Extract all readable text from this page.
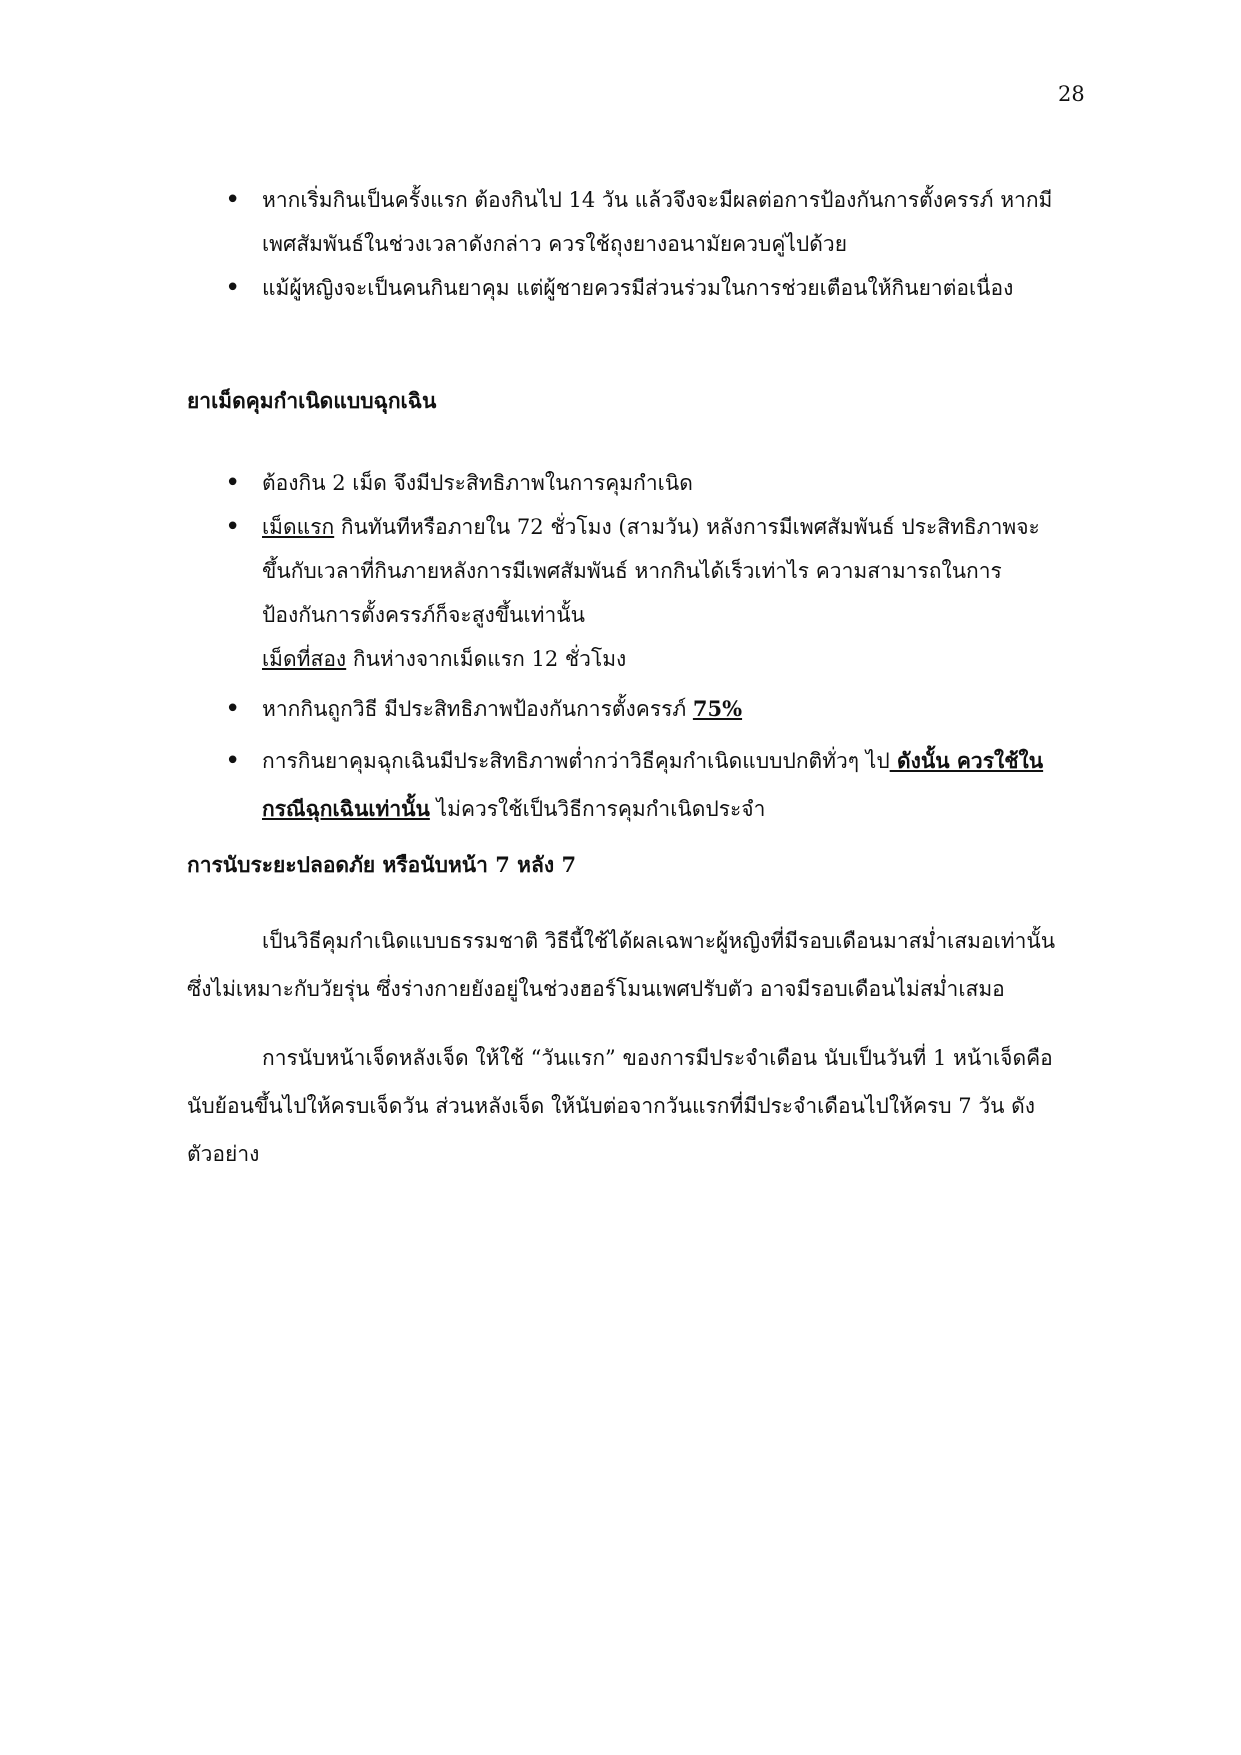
28
• หากเริ่มกินเป็นครั้งแรก ต้องกินไป 14 วัน แล้วจึงจะมีผลต่อการป้องกันการตั้งครรภ์ หากมี
เพศสัมพันธ์ในช่วงเวลาดังกล่าว ควรใช้ถุงยางอนามัยควบคู่ไปด้วย
• แม้ผู้หญิงจะเป็นคนกินยาคุม แต่ผู้ชายควรมีส่วนร่วมในการช่วยเตือนให้กินยาต่อเนื่อง
ยาเม็ดคุมกำเนิดแบบฉุกเฉิน
• ต้องกิน 2 เม็ด จึงมีประสิทธิภาพในการคุมกำเนิด
• เม็ดแรก กินทันทีหรือภายใน 72 ชั่วโมง (สามวัน) หลังการมีเพศสัมพันธ์ ประสิทธิภาพจะ
ขึ้นกับเวลาที่กินภายหลังการมีเพศสัมพันธ์ หากกินได้เร็วเท่าไร ความสามารถในการ
ป้องกันการตั้งครรภ์ก็จะสูงขึ้นเท่านั้น
เม็ดที่สอง กินห่างจากเม็ดแรก 12 ชั่วโมง
• หากกินถูกวิธี มีประสิทธิภาพป้องกันการตั้งครรภ์ 75%
• การกินยาคุมฉุกเฉินมีประสิทธิภาพต่ำกว่าวิธีคุมกำเนิดแบบปกติทั่วๆ ไป ดังนั้น ควรใช้ใน
กรณีฉุกเฉินเท่านั้น ไม่ควรใช้เป็นวิธีการคุมกำเนิดประจำ
การนับระยะปลอดภัย หรือนับหน้า 7 หลัง 7

เป็นวิธีคุมกำเนิดแบบธรรมชาติ วิธีนี้ใช้ได้ผลเฉพาะผู้หญิงที่มีรอบเดือนมาสม่ำเสมอเท่านั้น ซึ่งไม่เหมาะกับวัยรุ่น ซึ่งร่างกายยังอยู่ในช่วงฮอร์โมนเพศปรับตัว อาจมีรอบเดือนไม่สม่ำเสมอ

การนับหน้าเจ็ดหลังเจ็ด ให้ใช้ “วันแรก” ของการมีประจำเดือน นับเป็นวันที่ 1 หน้าเจ็ดคือ นับย้อนขึ้นไปให้ครบเจ็ดวัน ส่วนหลังเจ็ด ให้นับต่อจากวันแรกที่มีประจำเดือนไปให้ครบ 7 วัน ดังตัวอย่าง
